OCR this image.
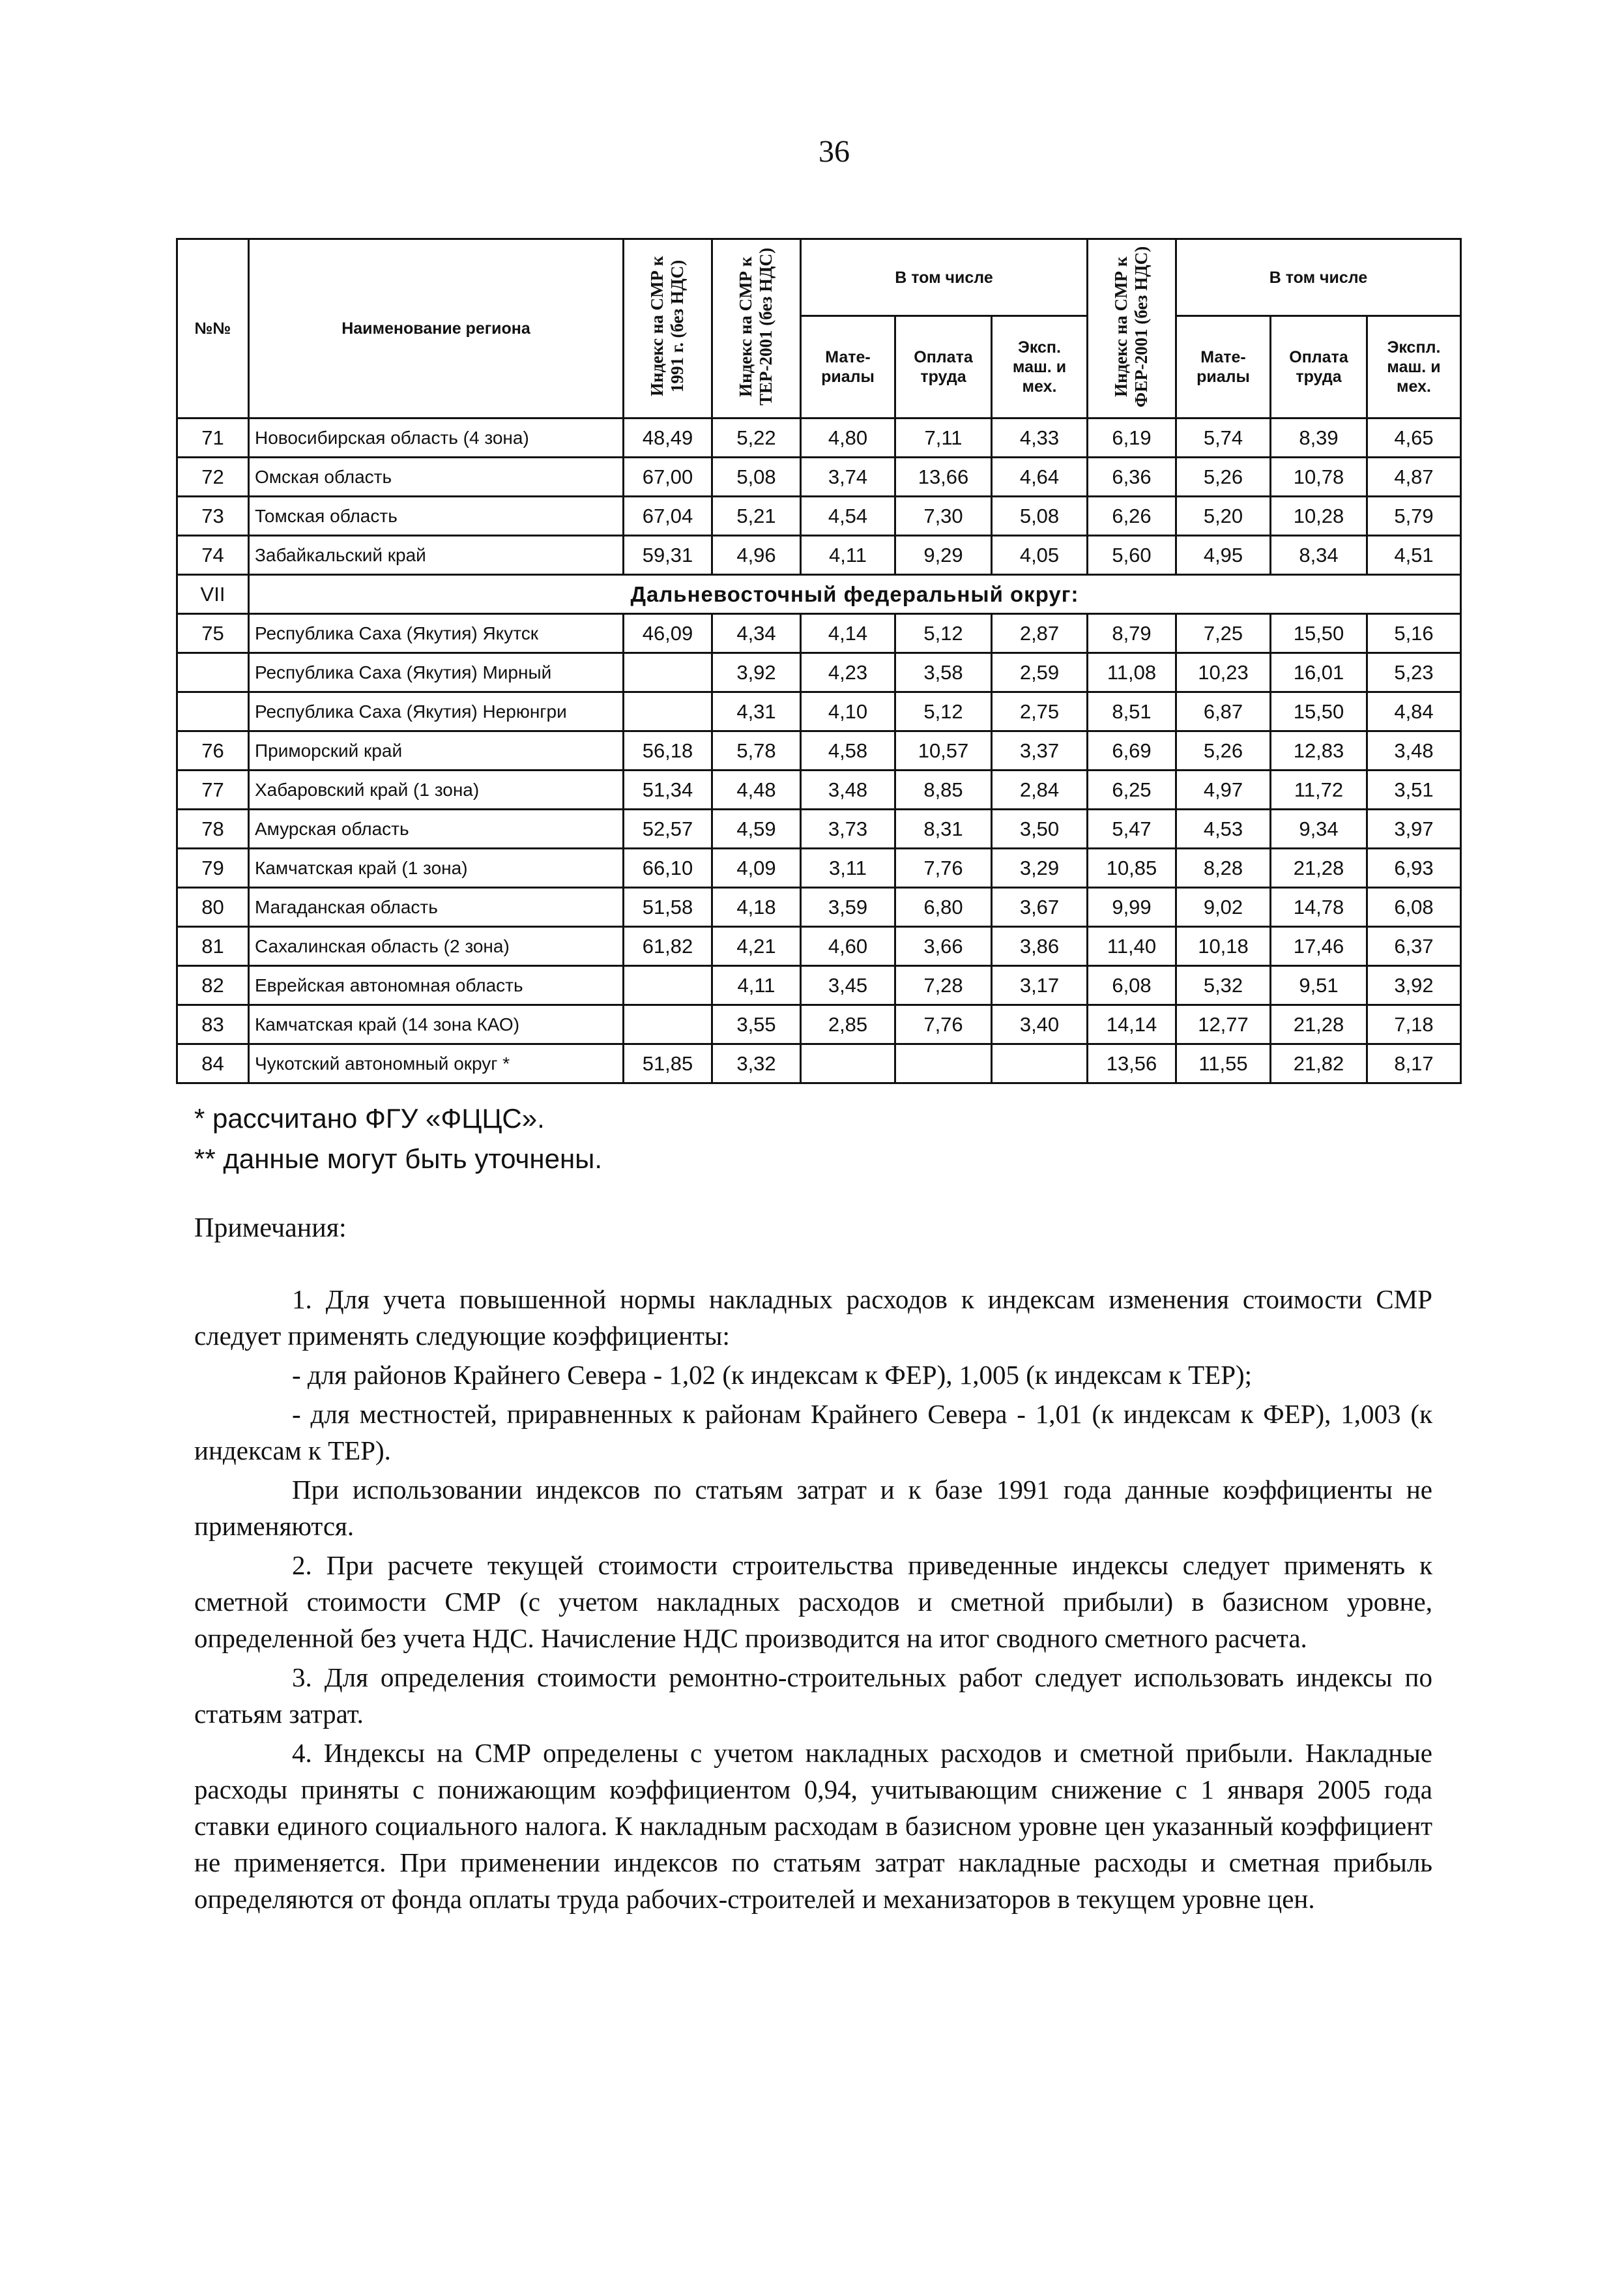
36
№№	Наименование региона	Индекс на СМР к 1991 г. (без НДС)	Индекс на СМР к ТЕР-2001 (без НДС)	В том числе			Индекс на СМР к ФЕР-2001 (без НДС)	В том числе		
				Мате-риалы	Оплата труда	Эксп. маш. и мех.		Мате-риалы	Оплата труда	Экспл. маш. и мех.
71	Новосибирская область (4 зона)	48,49	5,22	4,80	7,11	4,33	6,19	5,74	8,39	4,65
72	Омская область	67,00	5,08	3,74	13,66	4,64	6,36	5,26	10,78	4,87
73	Томская область	67,04	5,21	4,54	7,30	5,08	6,26	5,20	10,28	5,79
74	Забайкальский край	59,31	4,96	4,11	9,29	4,05	5,60	4,95	8,34	4,51
VII	Дальневосточный федеральный округ:									
75	Республика Саха (Якутия) Якутск	46,09	4,34	4,14	5,12	2,87	8,79	7,25	15,50	5,16
	Республика Саха (Якутия) Мирный		3,92	4,23	3,58	2,59	11,08	10,23	16,01	5,23
	Республика Саха (Якутия) Нерюнгри		4,31	4,10	5,12	2,75	8,51	6,87	15,50	4,84
76	Приморский край	56,18	5,78	4,58	10,57	3,37	6,69	5,26	12,83	3,48
77	Хабаровский край (1 зона)	51,34	4,48	3,48	8,85	2,84	6,25	4,97	11,72	3,51
78	Амурская область	52,57	4,59	3,73	8,31	3,50	5,47	4,53	9,34	3,97
79	Камчатская край (1 зона)	66,10	4,09	3,11	7,76	3,29	10,85	8,28	21,28	6,93
80	Магаданская область	51,58	4,18	3,59	6,80	3,67	9,99	9,02	14,78	6,08
81	Сахалинская область (2 зона)	61,82	4,21	4,60	3,66	3,86	11,40	10,18	17,46	6,37
82	Еврейская автономная область		4,11	3,45	7,28	3,17	6,08	5,32	9,51	3,92
83	Камчатская край (14 зона КАО)		3,55	2,85	7,76	3,40	14,14	12,77	21,28	7,18
84	Чукотский автономный округ *	51,85	3,32				13,56	11,55	21,82	8,17
* рассчитано ФГУ «ФЦЦС».
** данные могут быть уточнены.
Примечания:

1. Для учета повышенной нормы накладных расходов к индексам изменения стоимости СМР следует применять следующие коэффициенты:

- для районов Крайнего Севера - 1,02 (к индексам к ФЕР), 1,005 (к индексам к ТЕР);

- для местностей, приравненных к районам Крайнего Севера - 1,01 (к индексам к ФЕР), 1,003 (к индексам к ТЕР).

При использовании индексов по статьям затрат и к базе 1991 года данные коэффициенты не применяются.

2. При расчете текущей стоимости строительства приведенные индексы следует применять к сметной стоимости СМР (с учетом накладных расходов и сметной прибыли) в базисном уровне, определенной без учета НДС. Начисление НДС производится на итог сводного сметного расчета.

3. Для определения стоимости ремонтно-строительных работ следует использовать индексы по статьям затрат.

4. Индексы на СМР определены с учетом накладных расходов и сметной прибыли. Накладные расходы приняты с понижающим коэффициентом 0,94, учитывающим снижение с 1 января 2005 года ставки единого социального налога. К накладным расходам в базисном уровне цен указанный коэффициент не применяется. При применении индексов по статьям затрат накладные расходы и сметная прибыль определяются от фонда оплаты труда рабочих-строителей и механизаторов в текущем уровне цен.
